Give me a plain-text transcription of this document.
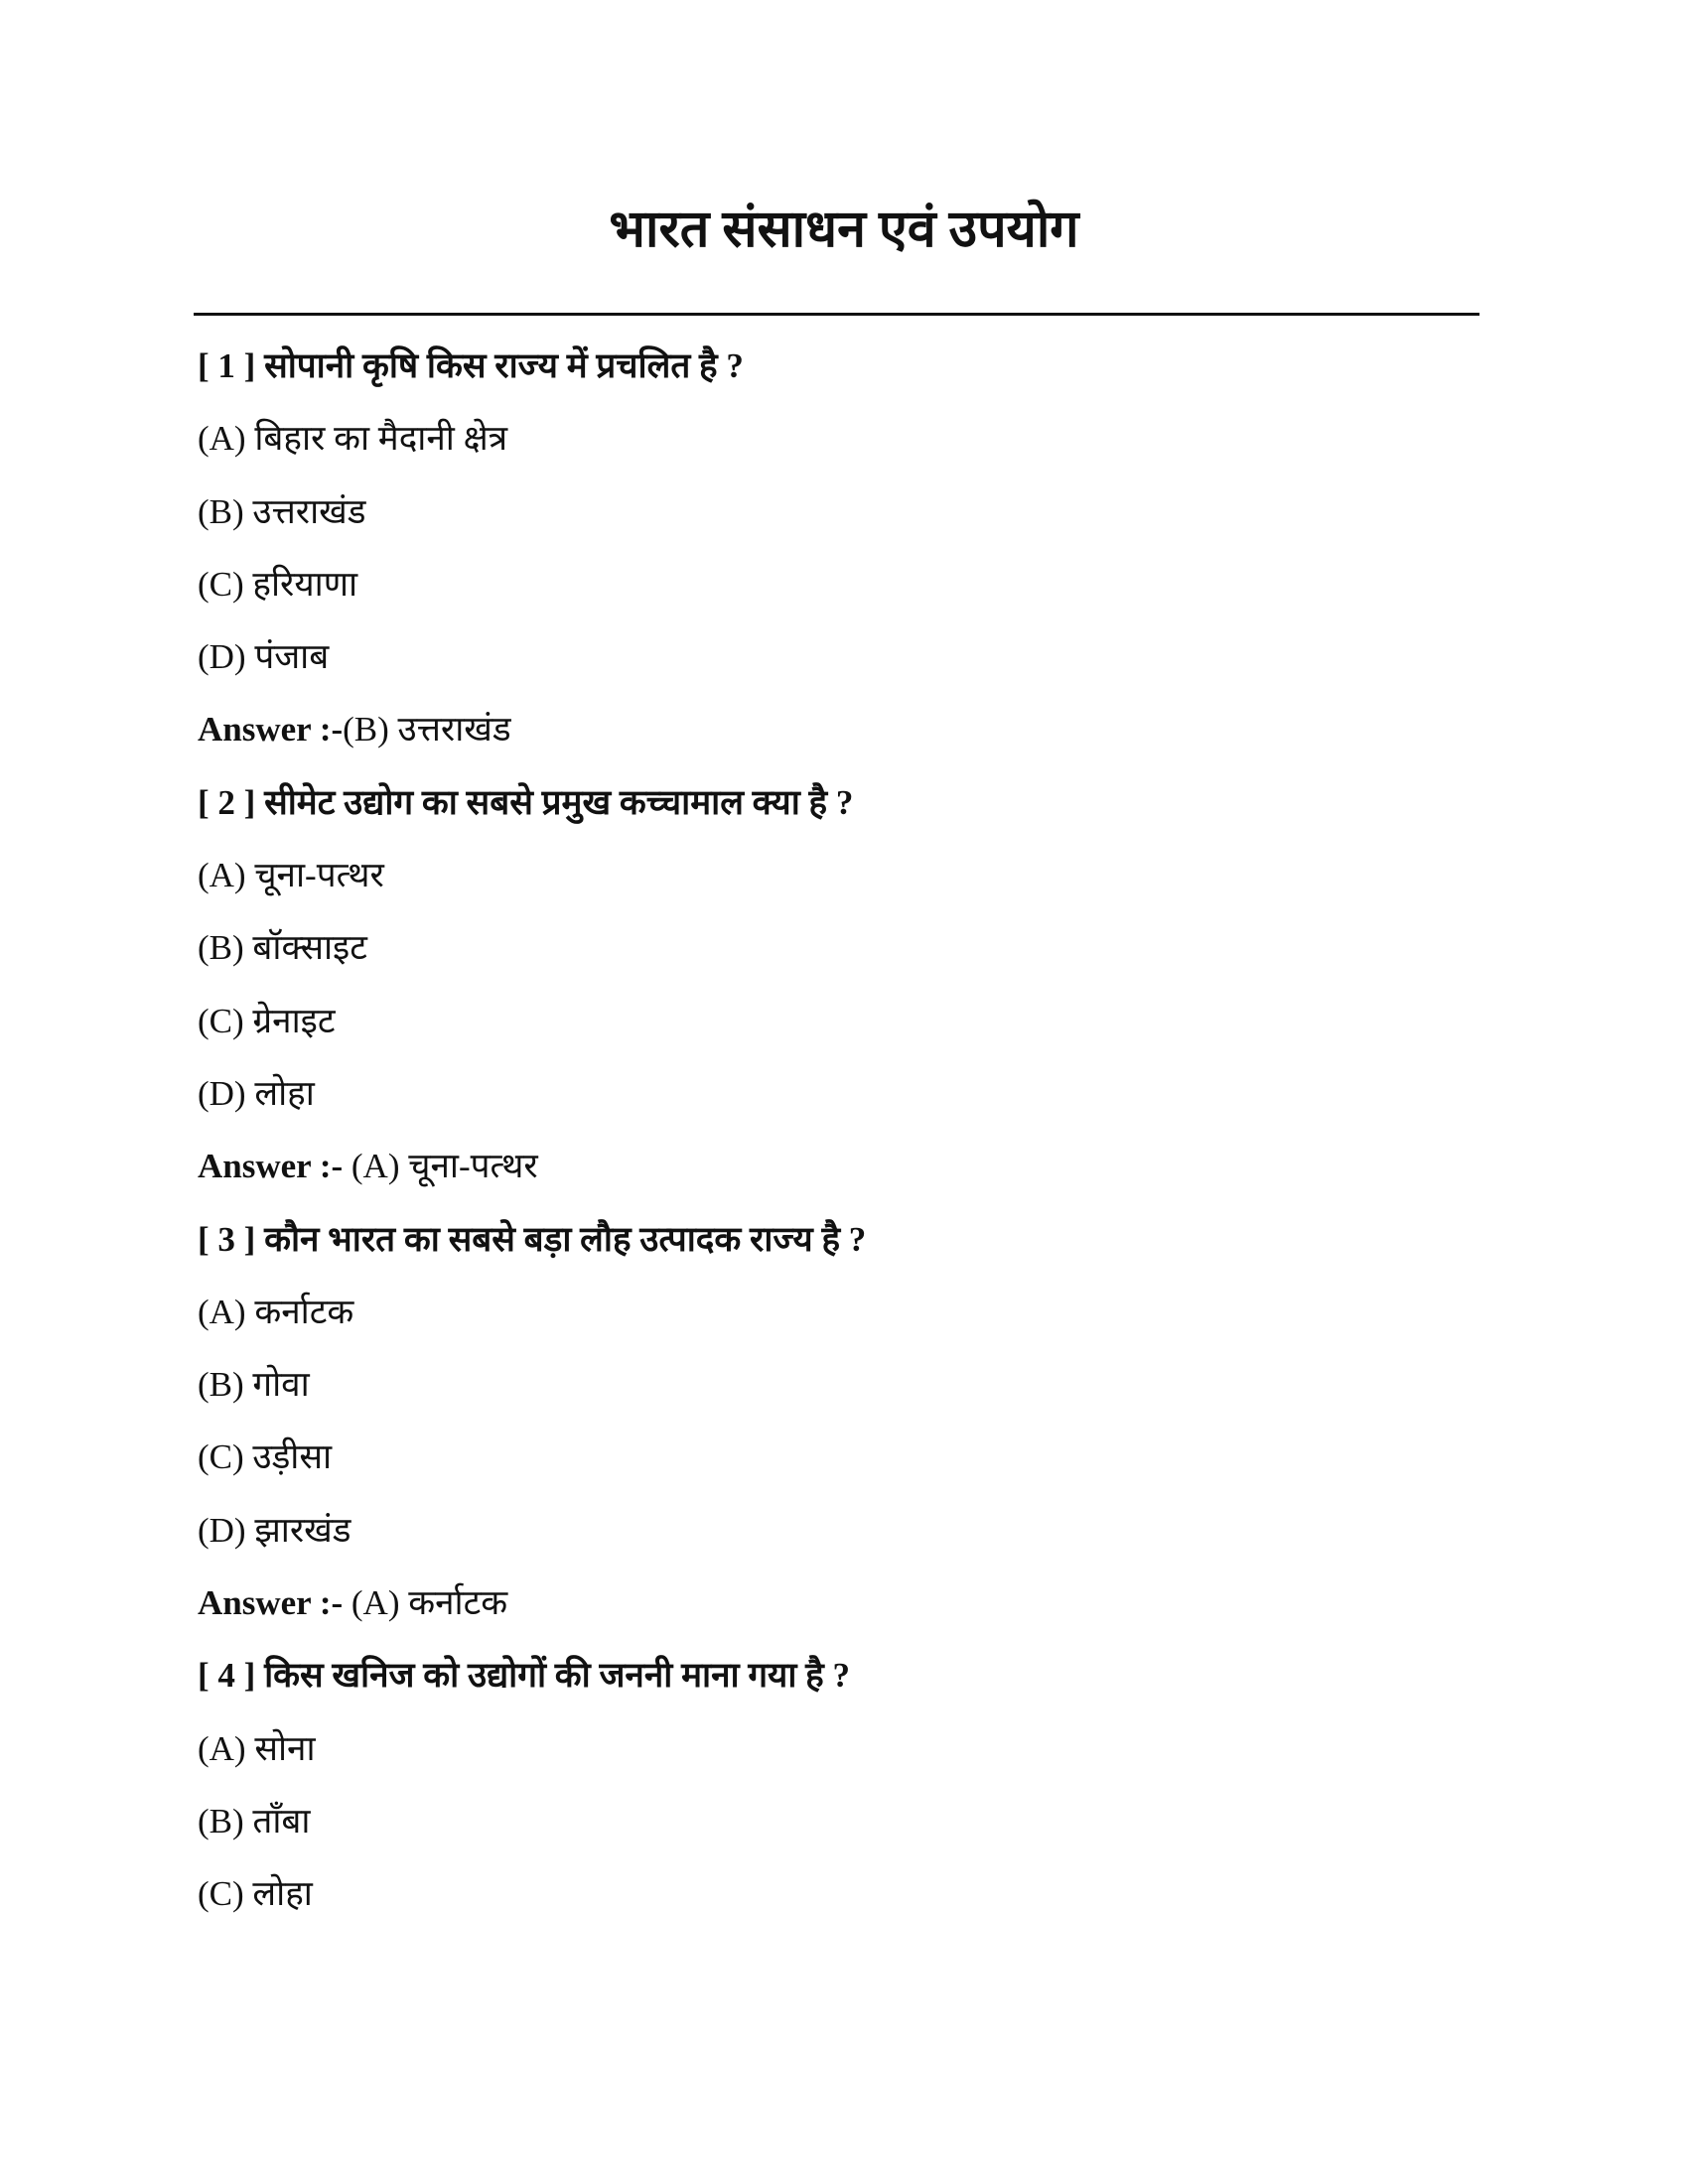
भारत संसाधन एवं उपयोग
[ 1 ] सोपानी कृषि किस राज्य में प्रचलित है ?
(A) बिहार का मैदानी क्षेत्र
(B) उत्तराखंड
(C) हरियाणा
(D) पंजाब
Answer :-(B) उत्तराखंड
[ 2 ] सीमेट उद्योग का सबसे प्रमुख कच्चामाल क्या है ?
(A) चूना-पत्थर
(B) बॉक्साइट
(C) ग्रेनाइट
(D) लोहा
Answer :- (A) चूना-पत्थर
[ 3 ] कौन भारत का सबसे बड़ा लौह उत्पादक राज्य है ?
(A) कर्नाटक
(B) गोवा
(C) उड़ीसा
(D) झारखंड
Answer :- (A) कर्नाटक
[ 4 ] किस खनिज को उद्योगों की जननी माना गया है ?
(A) सोना
(B) ताँबा
(C) लोहा
